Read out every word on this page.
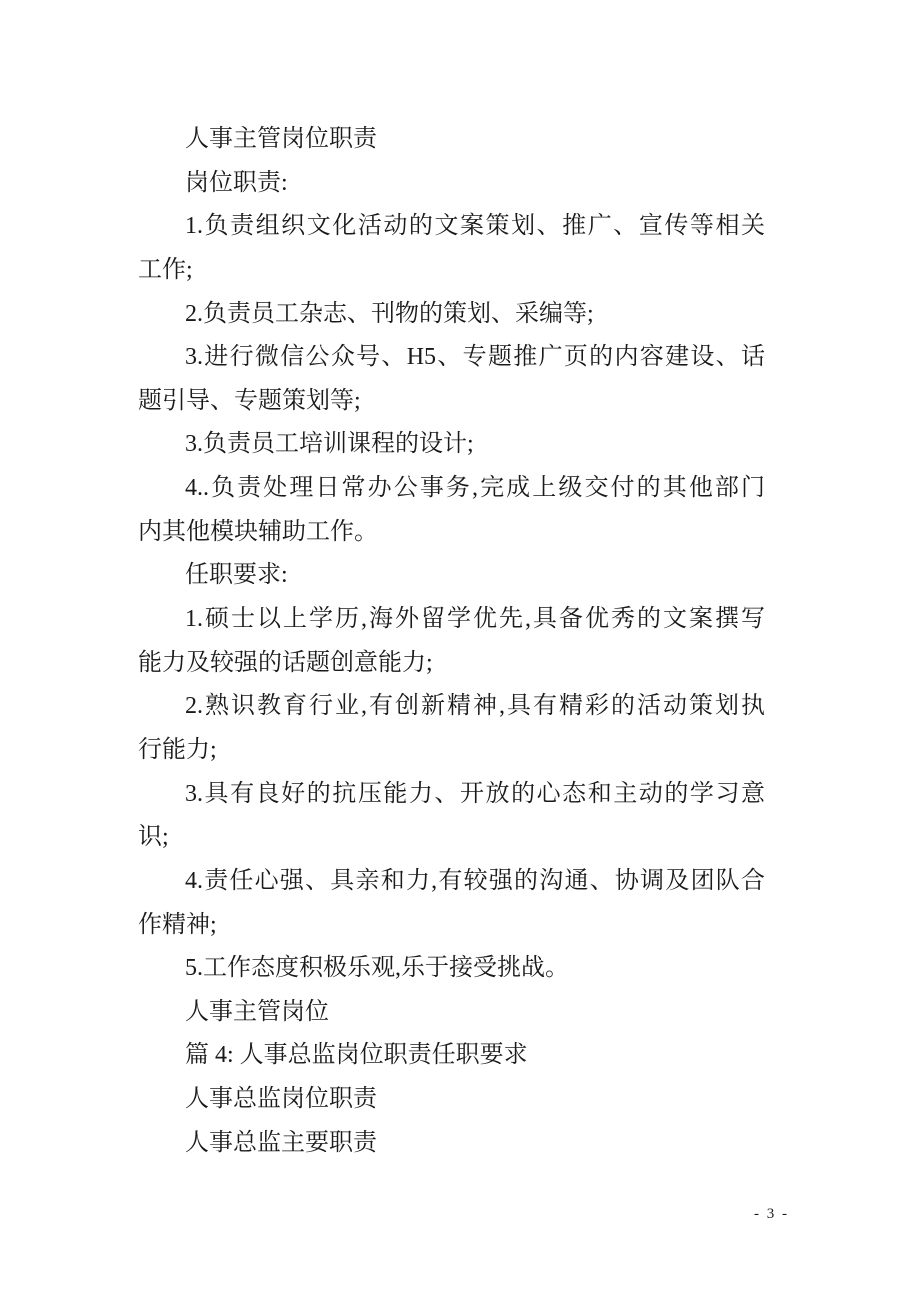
人事主管岗位职责
岗位职责:
1.负责组织文化活动的文案策划、推广、宣传等相关
工作;
2.负责员工杂志、刊物的策划、采编等;
3.进行微信公众号、H5、专题推广页的内容建设、话
题引导、专题策划等;
3.负责员工培训课程的设计;
4..负责处理日常办公事务,完成上级交付的其他部门
内其他模块辅助工作。
任职要求:
1.硕士以上学历,海外留学优先,具备优秀的文案撰写
能力及较强的话题创意能力;
2.熟识教育行业,有创新精神,具有精彩的活动策划执
行能力;
3.具有良好的抗压能力、开放的心态和主动的学习意
识;
4.责任心强、具亲和力,有较强的沟通、协调及团队合
作精神;
5.工作态度积极乐观,乐于接受挑战。
人事主管岗位
篇 4: 人事总监岗位职责任职要求
人事总监岗位职责
人事总监主要职责
- 3 -
